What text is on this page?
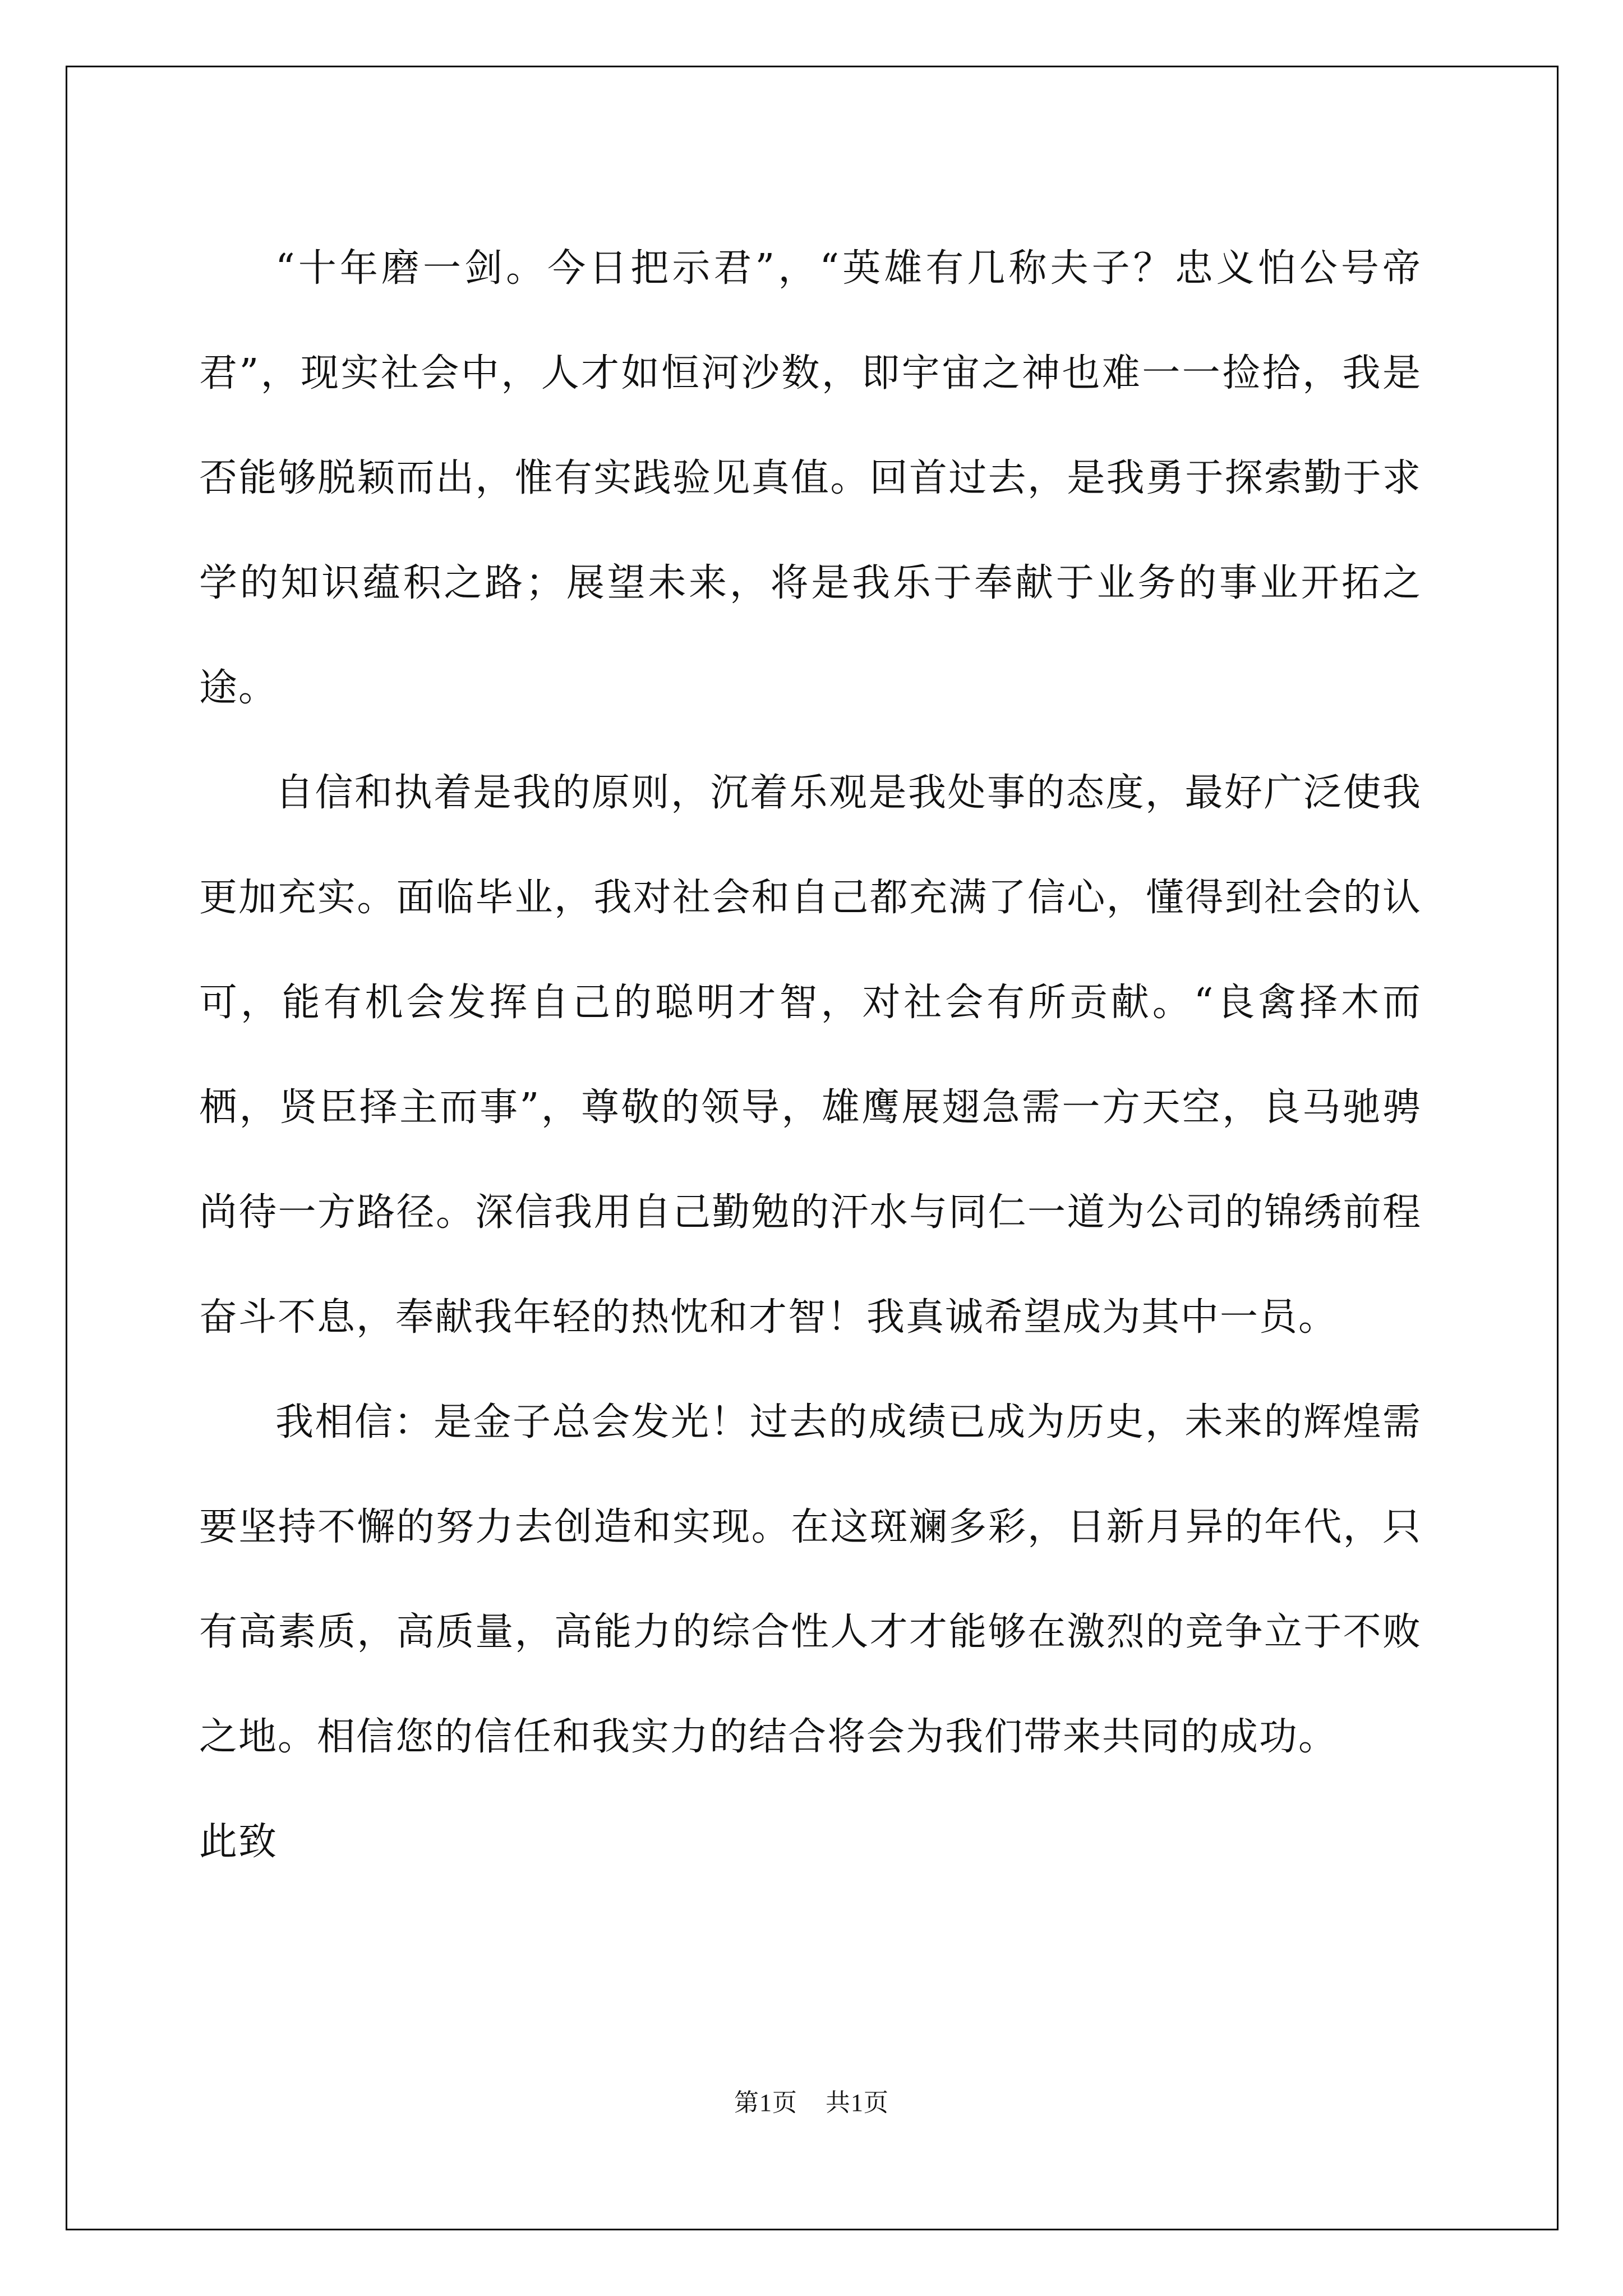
“十年磨一剑。今日把示君”，“英雄有几称夫子？忠义怕公号帝君”，现实社会中，人才如恒河沙数，即宇宙之神也难一一捡拾，我是否能够脱颖而出，惟有实践验见真值。回首过去，是我勇于探索勤于求学的知识蕴积之路；展望未来，将是我乐于奉献于业务的事业开拓之途。

自信和执着是我的原则，沉着乐观是我处事的态度，最好广泛使我更加充实。面临毕业，我对社会和自己都充满了信心，懂得到社会的认可，能有机会发挥自己的聪明才智，对社会有所贡献。“良禽择木而栖，贤臣择主而事”，尊敬的领导，雄鹰展翅急需一方天空，良马驰骋尚待一方路径。深信我用自己勤勉的汗水与同仁一道为公司的锦绣前程奋斗不息，奉献我年轻的热忱和才智！我真诚希望成为其中一员。

我相信：是金子总会发光！过去的成绩已成为历史，未来的辉煌需要坚持不懈的努力去创造和实现。在这斑斓多彩，日新月异的年代，只有高素质，高质量，高能力的综合性人才才能够在激烈的竞争立于不败之地。相信您的信任和我实力的结合将会为我们带来共同的成功。

此致

第1页 共1页
